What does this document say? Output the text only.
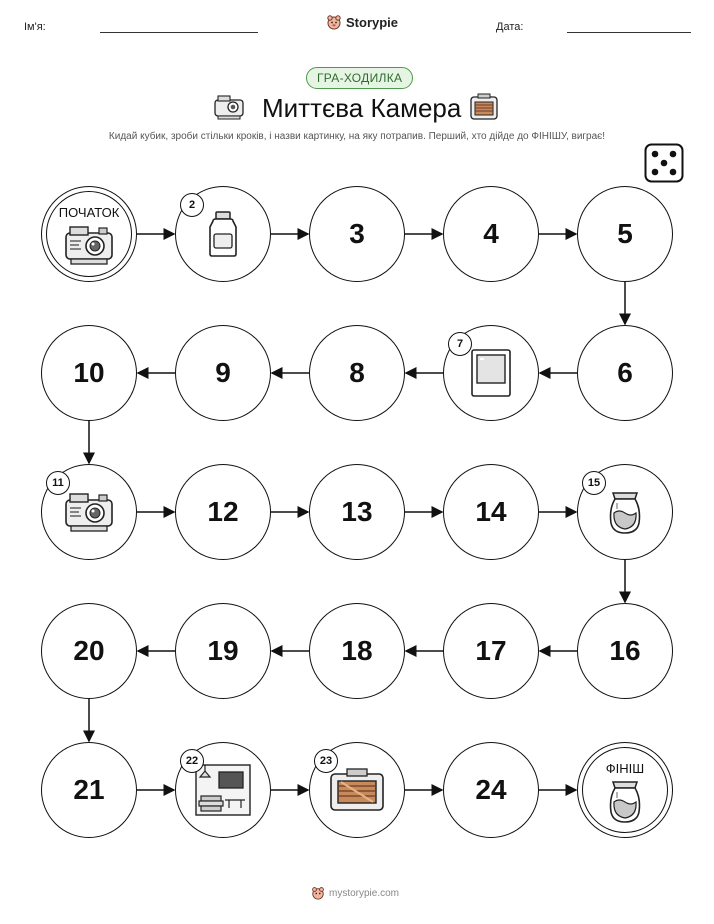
Ім'я:	Storypie	Дата:
ГРА-ХОДИЛКА
Миттєва Камера
Кидай кубик, зроби стільки кроків, і назви картинку, на яку потрапив. Перший, хто дійде до ФІНІШУ, виграє!
ПОЧАТОК	2
3	4	5
6
7
8
9
10
11
12	13	14
15
16
17
18
19
20
21
22	23
24
ФІНІШ
mystorypie.com
